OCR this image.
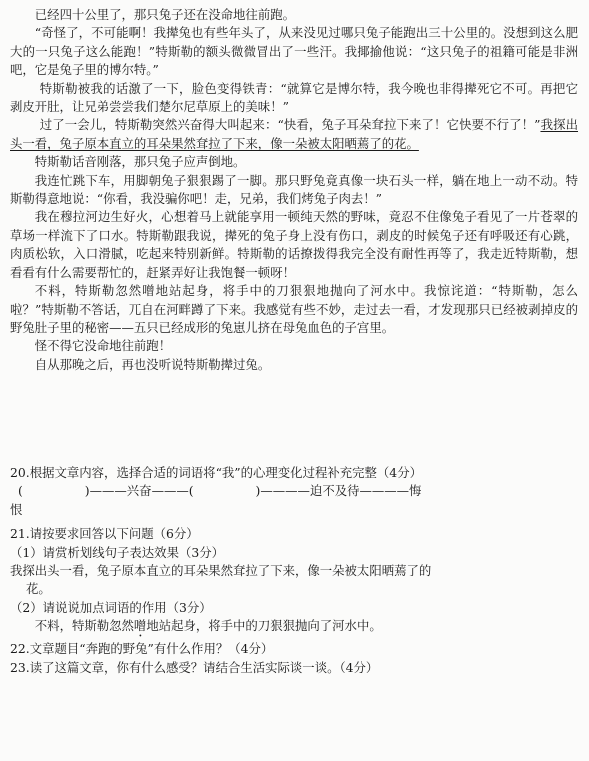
已经四十公里了，那只兔子还在没命地往前跑。

“奇怪了，不可能啊！我撵兔也有些年头了，从来没见过哪只兔子能跑出三十公里的。没想到这么肥大的一只兔子这么能跑！”特斯勒的额头微微冒出了一些汗。我揶揄他说：“这只兔子的祖籍可能是非洲吧，它是兔子里的博尔特。”

特斯勒被我的话激了一下，脸色变得铁青：“就算它是博尔特，我今晚也非得撵死它不可。再把它剥皮开肚，让兄弟尝尝我们楚尔尼草原上的美味！”

过了一会儿，特斯勒突然兴奋得大叫起来：“快看，兔子耳朵耷拉下来了！它快要不行了！”我探出头一看，兔子原本直立的耳朵果然耷拉了下来，像一朵被太阳晒蔫了的花。

特斯勒话音刚落，那只兔子应声倒地。

我连忙跳下车，用脚朝兔子狠狠踢了一脚。那只野兔竟真像一块石头一样，躺在地上一动不动。特斯勒得意地说：“你看，我没骗你吧！走，兄弟，我们烤兔子肉去！”

我在穆拉河边生好火，心想着马上就能享用一顿纯天然的野味，竟忍不住像兔子看见了一片苍翠的草场一样流下了口水。特斯勒跟我说，撵死的兔子身上没有伤口，剥皮的时候兔子还有呼吸还有心跳，肉质松软，入口滑腻，吃起来特别新鲜。特斯勒的话撩拨得我完全没有耐性再等了，我走近特斯勒，想看看有什么需要帮忙的，赶紧弄好让我饱餐一顿呀！

不料，特斯勒忽然噌地站起身，将手中的刀狠狠地抛向了河水中。我惊诧道：“特斯勒，怎么啦？”特斯勒不答话，兀自在河畔蹲了下来。我感觉有些不妙，走过去一看，才发现那只已经被剥掉皮的野兔肚子里的秘密——五只已经成形的兔崽儿挤在母兔血色的子宫里。

怪不得它没命地往前跑！

自从那晚之后，再也没听说特斯勒撵过兔。

20.根据文章内容，选择合适的词语将“我”的心理变化过程补充完整（4分）

(　　　　　)———兴奋———(　　　　　)————迫不及待————悔

恨

21.请按要求回答以下问题（6分）

（1）请赏析划线句子表达效果（3分）

我探出头一看，兔子原本直立的耳朵果然耷拉了下来，像一朵被太阳晒蔫了的

花。

（2）请说说加点词语的作用（3分）

不料，特斯勒忽然噌地站起身，将手中的刀狠狠抛向了河水中。

22.文章题目“奔跑的野兔”有什么作用？（4分）

23.读了这篇文章，你有什么感受？请结合生活实际谈一谈。（4分）
